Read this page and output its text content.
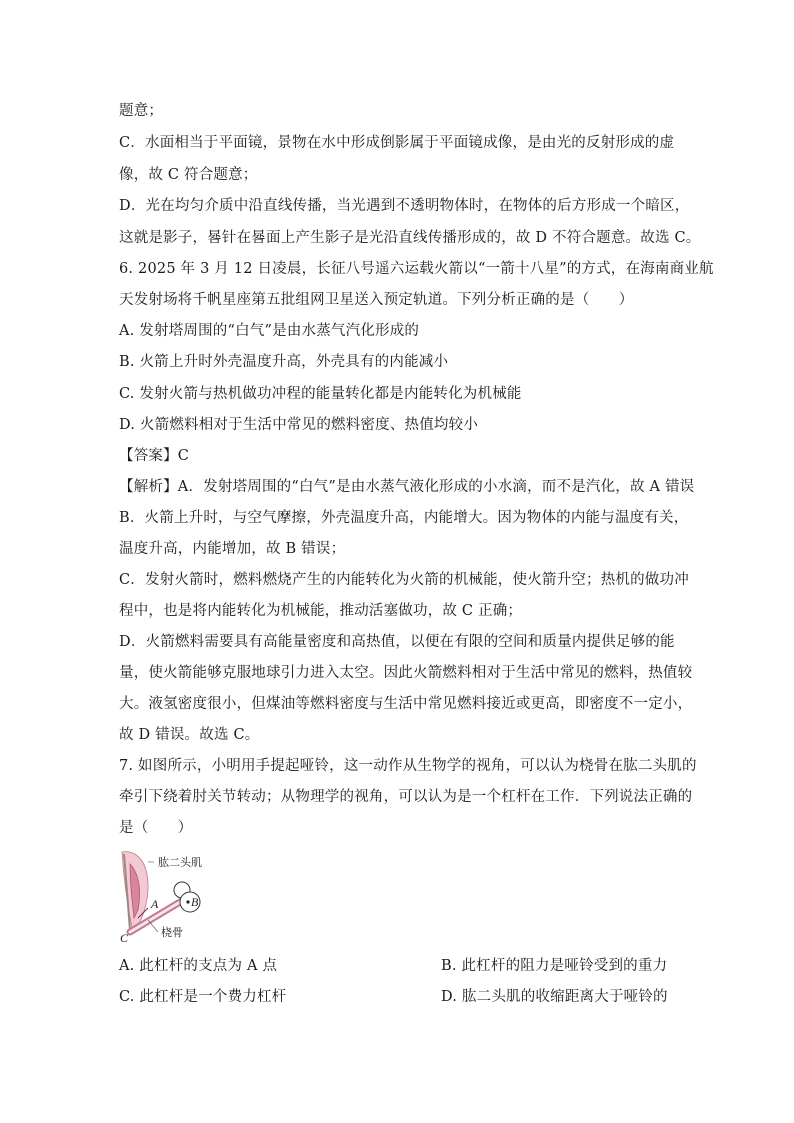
题意；
C．水面相当于平面镜，景物在水中形成倒影属于平面镜成像，是由光的反射形成的虚
像，故 C 符合题意；
D．光在均匀介质中沿直线传播，当光遇到不透明物体时，在物体的后方形成一个暗区，
这就是影子，晷针在晷面上产生影子是光沿直线传播形成的，故 D 不符合题意。故选 C。
6. 2025 年 3 月 12 日凌晨，长征八号遥六运载火箭以“一箭十八星”的方式，在海南商业航
天发射场将千帆星座第五批组网卫星送入预定轨道。下列分析正确的是（　　）
A. 发射塔周围的“白气”是由水蒸气汽化形成的
B. 火箭上升时外壳温度升高，外壳具有的内能减小
C. 发射火箭与热机做功冲程的能量转化都是内能转化为机械能
D. 火箭燃料相对于生活中常见的燃料密度、热值均较小
【答案】C
【解析】A．发射塔周围的“白气”是由水蒸气液化形成的小水滴，而不是汽化，故 A 错误
B．火箭上升时，与空气摩擦，外壳温度升高，内能增大。因为物体的内能与温度有关，
温度升高，内能增加，故 B 错误；
C．发射火箭时，燃料燃烧产生的内能转化为火箭的机械能，使火箭升空；热机的做功冲
程中，也是将内能转化为机械能，推动活塞做功，故 C 正确；
D．火箭燃料需要具有高能量密度和高热值，以便在有限的空间和质量内提供足够的能
量，使火箭能够克服地球引力进入太空。因此火箭燃料相对于生活中常见的燃料，热值较
大。液氢密度很小，但煤油等燃料密度与生活中常见燃料接近或更高，即密度不一定小，
故 D 错误。故选 C。
7. 如图所示，小明用手提起哑铃，这一动作从生物学的视角，可以认为桡骨在肱二头肌的
牵引下绕着肘关节转动；从物理学的视角，可以认为是一个杠杆在工作．下列说法正确的
是（　　）
肱二头肌
桡骨
A	B
C
A. 此杠杆的支点为 A 点	B. 此杠杆的阻力是哑铃受到的重力
C. 此杠杆是一个费力杠杆	D. 肱二头肌的收缩距离大于哑铃的
